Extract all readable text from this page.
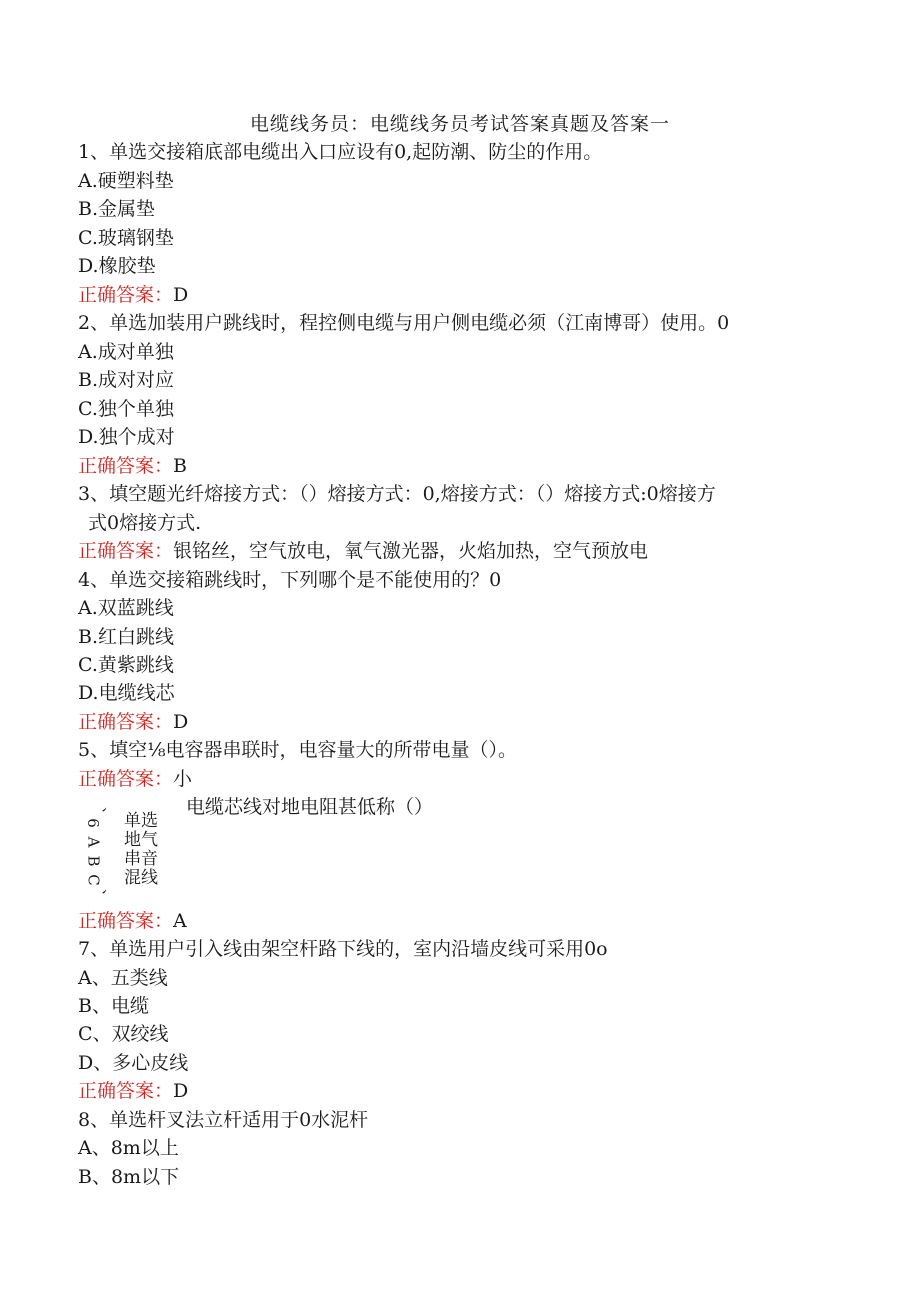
电缆线务员：电缆线务员考试答案真题及答案一
1、单选交接箱底部电缆出入口应设有0,起防潮、防尘的作用。
A.硬塑料垫
B.金属垫
C.玻璃钢垫
D.橡胶垫
正确答案：D
2、单选加装用户跳线时，程控侧电缆与用户侧电缆必须（江南博哥）使用。0
A.成对单独
B.成对对应
C.独个单独
D.独个成对
正确答案：B
3、填空题光纤熔接方式：（）熔接方式：0,熔接方式：（）熔接方式:0熔接方
式0熔接方式.
正确答案：银铭丝，空气放电，氧气激光器，火焰加热，空气预放电
4、单选交接箱跳线时，下列哪个是不能使用的？0
A.双蓝跳线
B.红白跳线
C.黄紫跳线
D.电缆线芯
正确答案：D
5、填空⅛电容器串联时，电容量大的所带电量（）。
正确答案：小
电缆芯线对地电阻甚低称（）
、
6
A
B
C
、
单选
地气
串音
混线
正确答案：A
7、单选用户引入线由架空杆路下线的，室内沿墙皮线可采用0o
A、五类线
B、电缆
C、双绞线
D、多心皮线
正确答案：D
8、单选杆叉法立杆适用于0水泥杆
A、8m以上
B、8m以下
